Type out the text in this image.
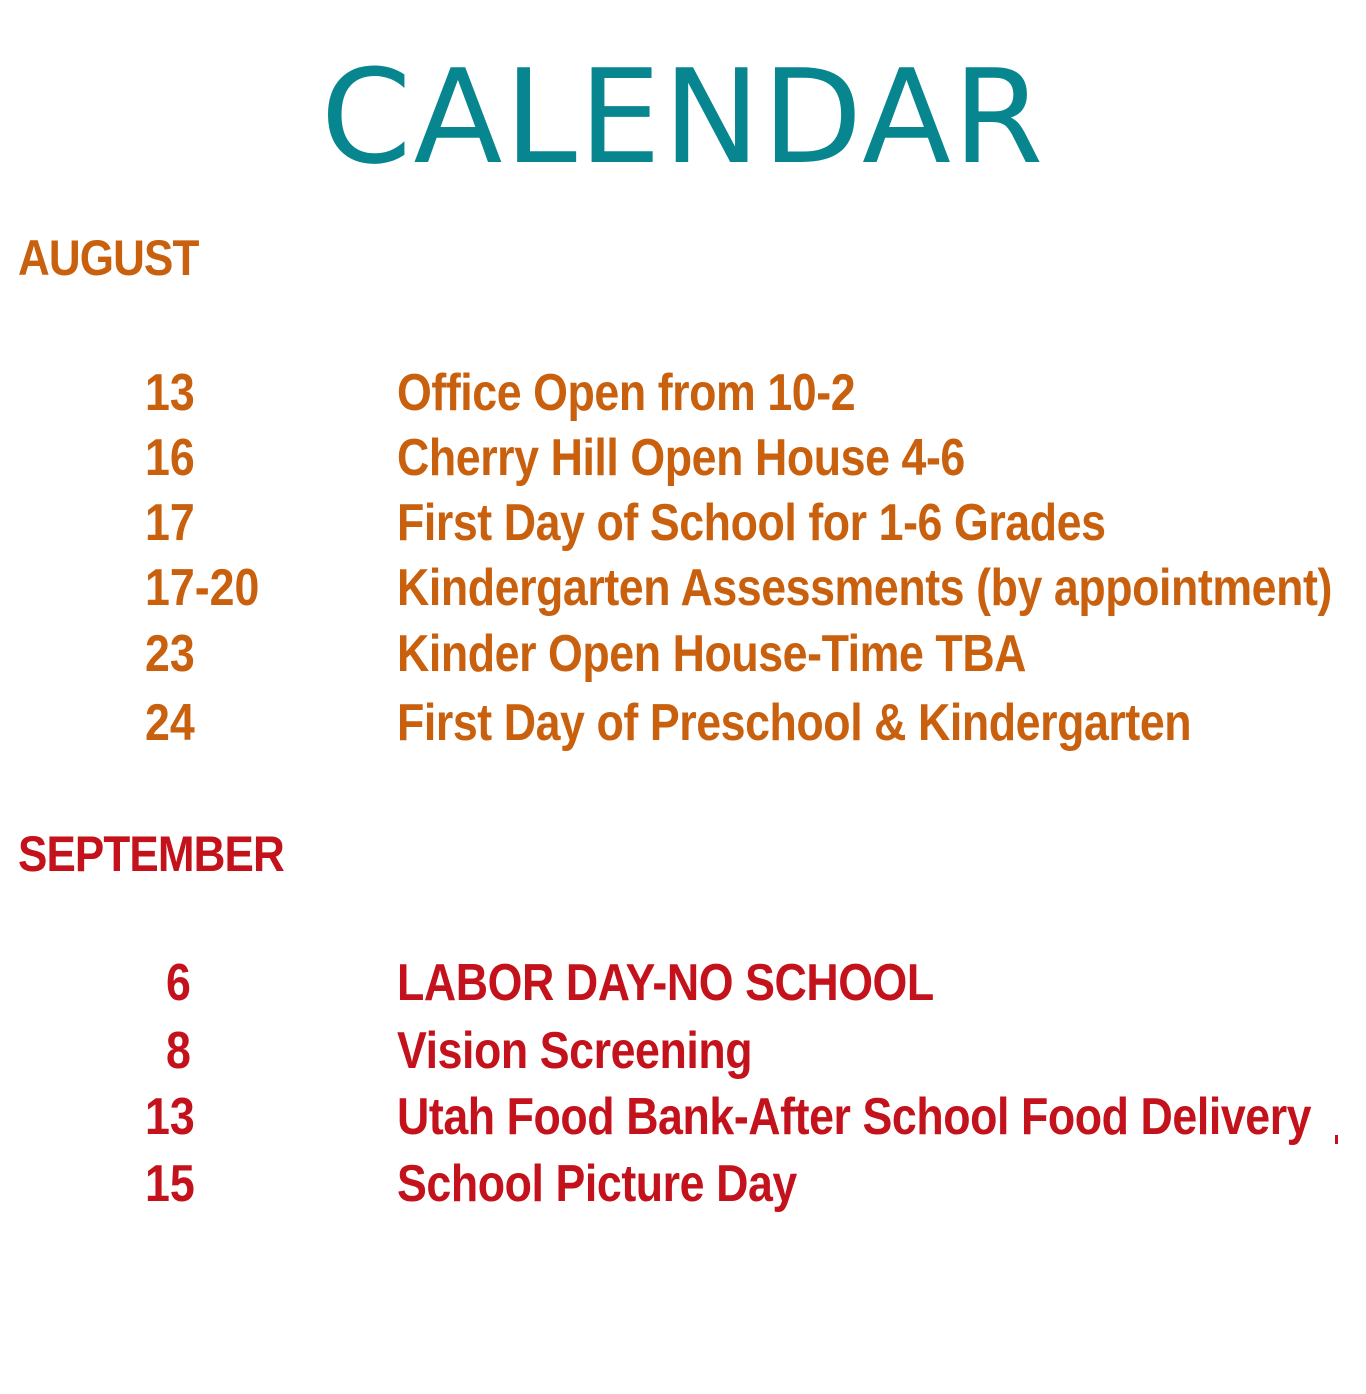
CALENDAR
AUGUST
13	Office Open from 10-2
16	Cherry Hill Open House 4-6
17	First Day of School for 1-6 Grades
17-20	Kindergarten Assessments (by appointment)
23	Kinder Open House-Time TBA
24	First Day of Preschool & Kindergarten
SEPTEMBER
6	LABOR DAY-NO SCHOOL
8	Vision Screening
13	Utah Food Bank-After School Food Delivery
15	School Picture Day
